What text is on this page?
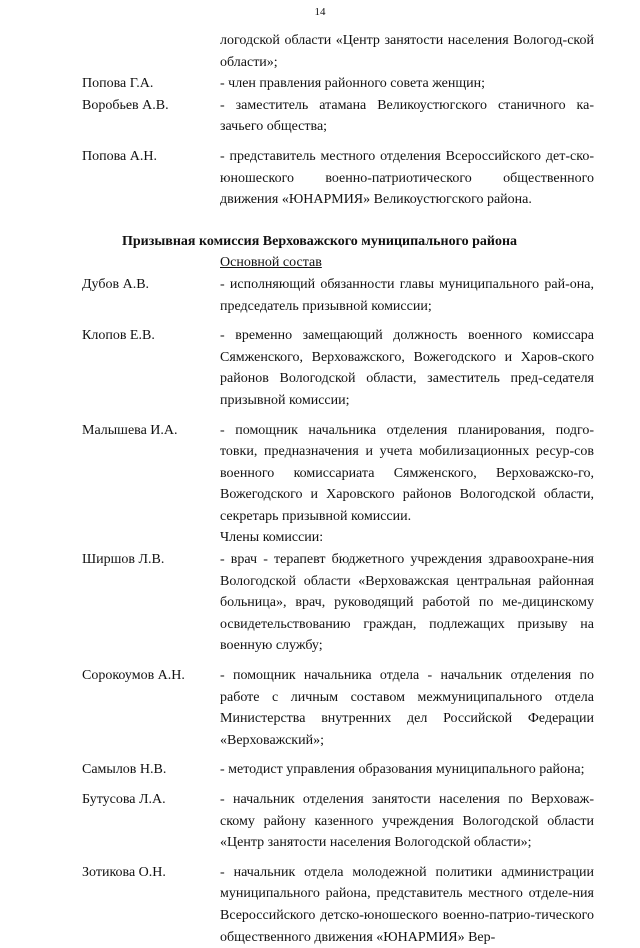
14
логодской области «Центр занятости населения Вологод-ской области»;
Попова Г.А.	- член правления районного совета женщин;
Воробьев А.В.	- заместитель атамана Великоустюгского станичного ка-зачьего общества;
Попова А.Н.	- представитель местного отделения Всероссийского дет-ско-юношеского военно-патриотического общественного движения «ЮНАРМИЯ» Великоустюгского района.
Призывная комиссия Верховажского муниципального района
Основной состав
Дубов А.В.	- исполняющий обязанности главы муниципального рай-она, председатель призывной комиссии;
Клопов Е.В.	- временно замещающий должность военного комиссара Сямженского, Верховажского, Вожегодского и Харов-ского районов Вологодской области, заместитель пред-седателя призывной комиссии;
Малышева И.А.	- помощник начальника отделения планирования, подго-товки, предназначения и учета мобилизационных ресур-сов военного комиссариата Сямженского, Верховажско-го, Вожегодского и Харовского районов Вологодской области, секретарь призывной комиссии.
Члены комиссии:
Ширшов Л.В.	- врач - терапевт бюджетного учреждения здравоохране-ния Вологодской области «Верховажская центральная районная больница», врач, руководящий работой по ме-дицинскому освидетельствованию граждан, подлежащих призыву на военную службу;
Сорокоумов А.Н.	- помощник начальника отдела - начальник отделения по работе с личным составом межмуниципального отдела Министерства внутренних дел Российской Федерации «Верховажский»;
Самылов Н.В.	- методист управления образования муниципального района;
Бутусова Л.А.	- начальник отделения занятости населения по Верховаж-скому району казенного учреждения Вологодской области «Центр занятости населения Вологодской области»;
Зотикова О.Н.	- начальник отдела молодежной политики администрации муниципального района, представитель местного отделе-ния Всероссийского детско-юношеского военно-патрио-тического общественного движения «ЮНАРМИЯ» Вер-
